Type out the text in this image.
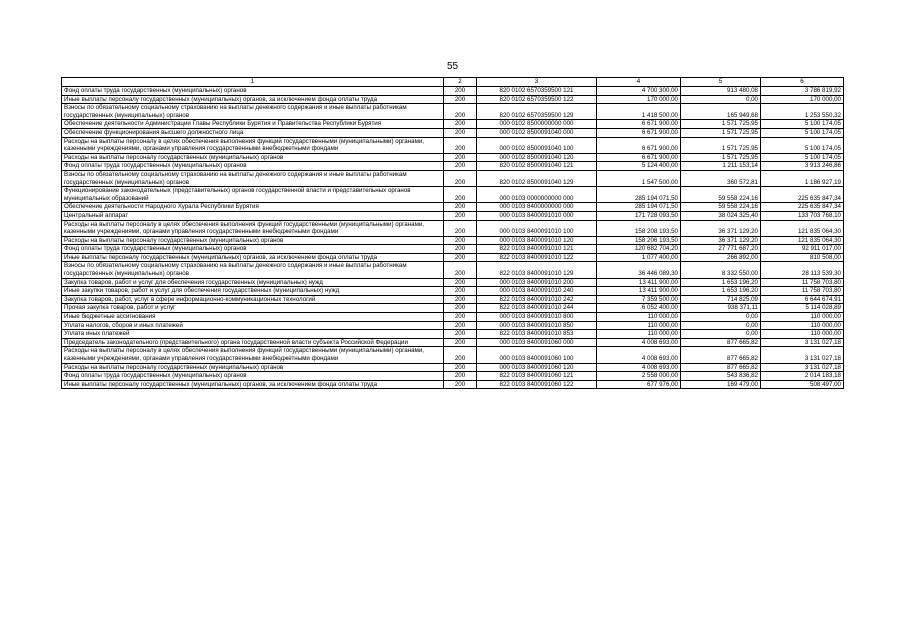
55
1	2	3	4	5	6
Фонд оплаты труда государственных (муниципальных) органов	200	820 0102 6570359500 121	4 700 300,00	913 480,08	3 786 819,92
Иные выплаты персоналу государственных (муниципальных) органов, за исключением фонда оплаты труда	200	820 0102 6570359500 122	170 000,00	0,00	170 000,00
Взносы по обязательному социальному страхованию на выплаты денежного содержания и иные выплаты работникам государственных (муниципальных) органов	200	820 0102 6570359500 129	1 418 500,00	165 949,68	1 253 550,32
Обеспечение деятельности Администрации Главы Республики Бурятия и Правительства Республики Бурятия	200	000 0102 8500000000 000	6 671 900,00	1 571 725,95	5 100 174,05
Обеспечение функционирования высшего должностного лица	200	000 0102 8500091040 000	6 671 900,00	1 571 725,95	5 100 174,05
Расходы на выплаты персоналу в целях обеспечения выполнения функций государственными (муниципальными) органами, казенными учреждениями, органами управления государственными внебюджетными фондами	200	000 0102 8500091040 100	6 671 900,00	1 571 725,95	5 100 174,05
Расходы на выплаты персоналу государственных (муниципальных) органов	200	000 0102 8500091040 120	6 671 900,00	1 571 725,95	5 100 174,05
Фонд оплаты труда государственных (муниципальных) органов	200	820 0102 8500091040 121	5 124 400,00	1 211 153,14	3 913 246,86
Взносы по обязательному социальному страхованию на выплаты денежного содержания и иные выплаты работникам государственных (муниципальных) органов	200	820 0102 8500091040 129	1 547 500,00	360 572,81	1 186 927,19
Функционирование законодательных (представительных) органов государственной власти и представительных органов муниципальных образований	200	000 0103 0000000000 000	285 194 071,50	59 558 224,16	225 635 847,34
Обеспечение деятельности Народного Хурала Республики Бурятия	200	000 0103 8400000000 000	285 194 071,50	59 558 224,16	225 635 847,34
Центральный аппарат	200	000 0103 8400091010 000	171 728 093,50	38 024 325,40	133 703 768,10
Расходы на выплаты персоналу в целях обеспечения выполнения функций государственными (муниципальными) органами, казенными учреждениями, органами управления государственными внебюджетными фондами	200	000 0103 8400091010 100	158 208 193,50	36 371 129,20	121 835 064,30
Расходы на выплаты персоналу государственных (муниципальных) органов	200	000 0103 8400091010 120	158 206 193,50	36 371 129,20	121 835 064,30
Фонд оплаты труда государственных (муниципальных) органов	200	822 0103 8400091010 121	120 682 704,20	27 771 687,20	92 911 017,00
Иные выплаты персоналу государственных (муниципальных) органов, за исключением фонда оплаты труда	200	822 0103 8400091010 122	1 077 400,00	266 892,00	810 508,00
Взносы по обязательному социальному страхованию на выплаты денежного содержания и иные выплаты работникам государственных (муниципальных) органов	200	822 0103 8400091010 129	36 446 089,30	8 332 550,00	28 113 539,30
Закупка товаров, работ и услуг для обеспечения государственных (муниципальных) нужд	200	000 0103 8400091010 200	13 411 900,00	1 653 196,20	11 758 703,80
Иные закупки товаров, работ и услуг для обеспечения государственных (муниципальных) нужд	200	000 0103 8400091010 240	13 411 900,00	1 653 196,20	11 758 703,80
Закупка товаров, работ, услуг в сфере информационно-коммуникационных технологий	200	822 0103 8400091010 242	7 359 500,00	714 825,09	6 644 674,91
Прочая закупка товаров, работ и услуг	200	822 0103 8400091010 244	6 052 400,00	938 371,11	5 114 028,89
Иные бюджетные ассигнования	200	000 0103 8400091010 800	110 000,00	0,00	110 000,00
Уплата налогов, сборов и иных платежей	200	000 0103 8400091010 850	110 000,00	0,00	110 000,00
Уплата иных платежей	200	822 0103 8400091010 853	110 000,00	0,00	110 000,00
Председатель законодательного (представительного) органа государственной власти субъекта Российской Федерации	200	000 0103 8400091060 000	4 008 693,00	877 665,82	3 131 027,18
Расходы на выплаты персоналу в целях обеспечения выполнения функций государственными (муниципальными) органами, казенными учреждениями, органами управления государственными внебюджетными фондами	200	000 0103 8400091060 100	4 008 693,00	877 665,82	3 131 027,18
Расходы на выплаты персоналу государственных (муниципальных) органов	200	000 0103 8400091060 120	4 008 693,00	877 665,82	3 131 027,18
Фонд оплаты труда государственных (муниципальных) органов	200	822 0103 8400091060 121	2 558 000,00	543 836,82	2 014 183,18
Иные выплаты персоналу государственных (муниципальных) органов, за исключением фонда оплаты труда	200	822 0103 8400091060 122	677 976,00	169 479,00	508 497,00
